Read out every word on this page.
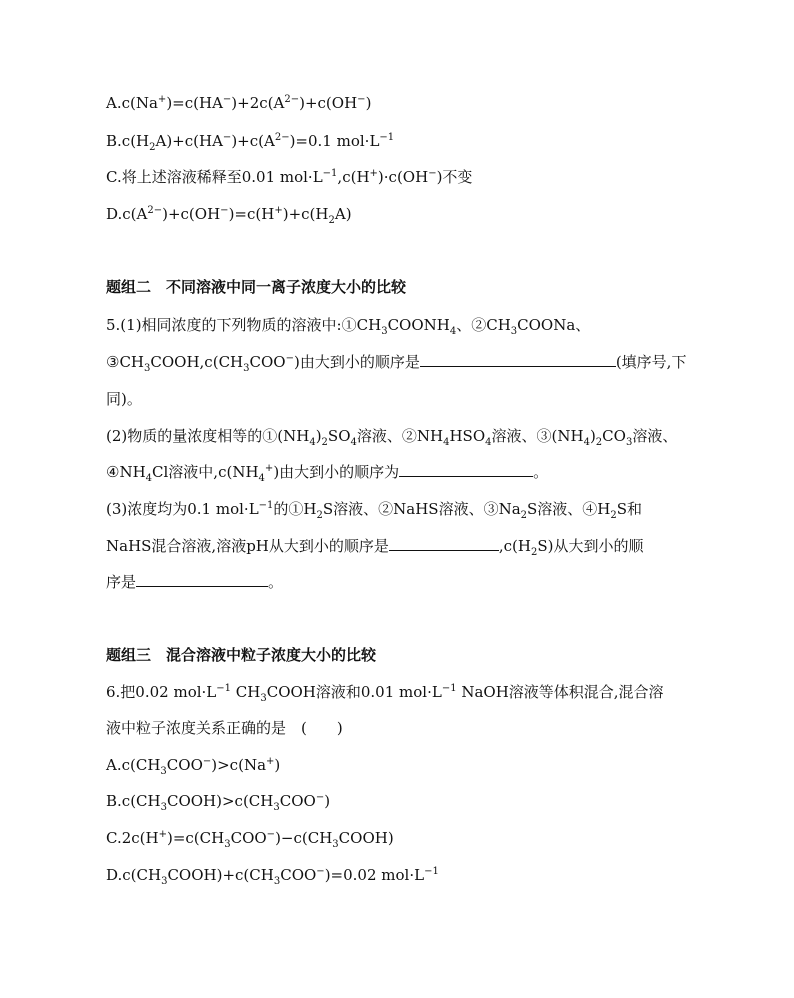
$A.c(Na^+)=c(HA^-)+2c(A^{2-})+c(OH^-)$
$B.c(H_2A)+c(HA^-)+c(A^{2-})=0.1$ $mol\cdot L^{-1}$
C.将上述溶液稀释至0.01 $mol\cdot L^{-1},c(H^+)\cdot c(OH^-)$不变
$D.c(A^{2-})+c(OH^-)=c(H^+)+c(H_2A)$
题组二　不同溶液中同一离子浓度大小的比较
5.(1)相同浓度的下列物质的溶液中$:①CH_3COONH_4$、$②CH_3COONa$、
$③CH_3COOH,c(CH_3COO^-)$由大到小的顺序是	(填序号,下
同)。
(2)物质的量浓度相等的$①(NH_4)_2SO_4$溶液、$②NH_4HSO_4$溶液、$③(NH_4)_2CO_3$溶液、
$④NH_4Cl$溶液中$,c(NH_4^+)$由大到小的顺序为	。
(3)浓度均为0.1 $mol\cdot L^{-1}$的$①H_2S$溶液、②NaHS溶液、$③Na_2S$溶液、$④H_2S$和
NaHS混合溶液,溶液pH从大到小的顺序是	$,c(H_2S)$从大到小的顺
序是	。
题组三　混合溶液中粒子浓度大小的比较
6.把0.02 $mol\cdot L^{-1}$ $CH_3COOH$溶液和0.01 $mol\cdot L^{-1}$ NaOH溶液等体积混合,混合溶
液中粒子浓度关系正确的是　(　　)
$A.c(CH_3COO^-)>c(Na^+)$
$B.c(CH_3COOH)>c(CH_3COO^-)$
$C.2c(H^+)=c(CH_3COO^-)-c(CH_3COOH)$
$D.c(CH_3COOH)+c(CH_3COO^-)=0.02$ $mol\cdot L^{-1}$
